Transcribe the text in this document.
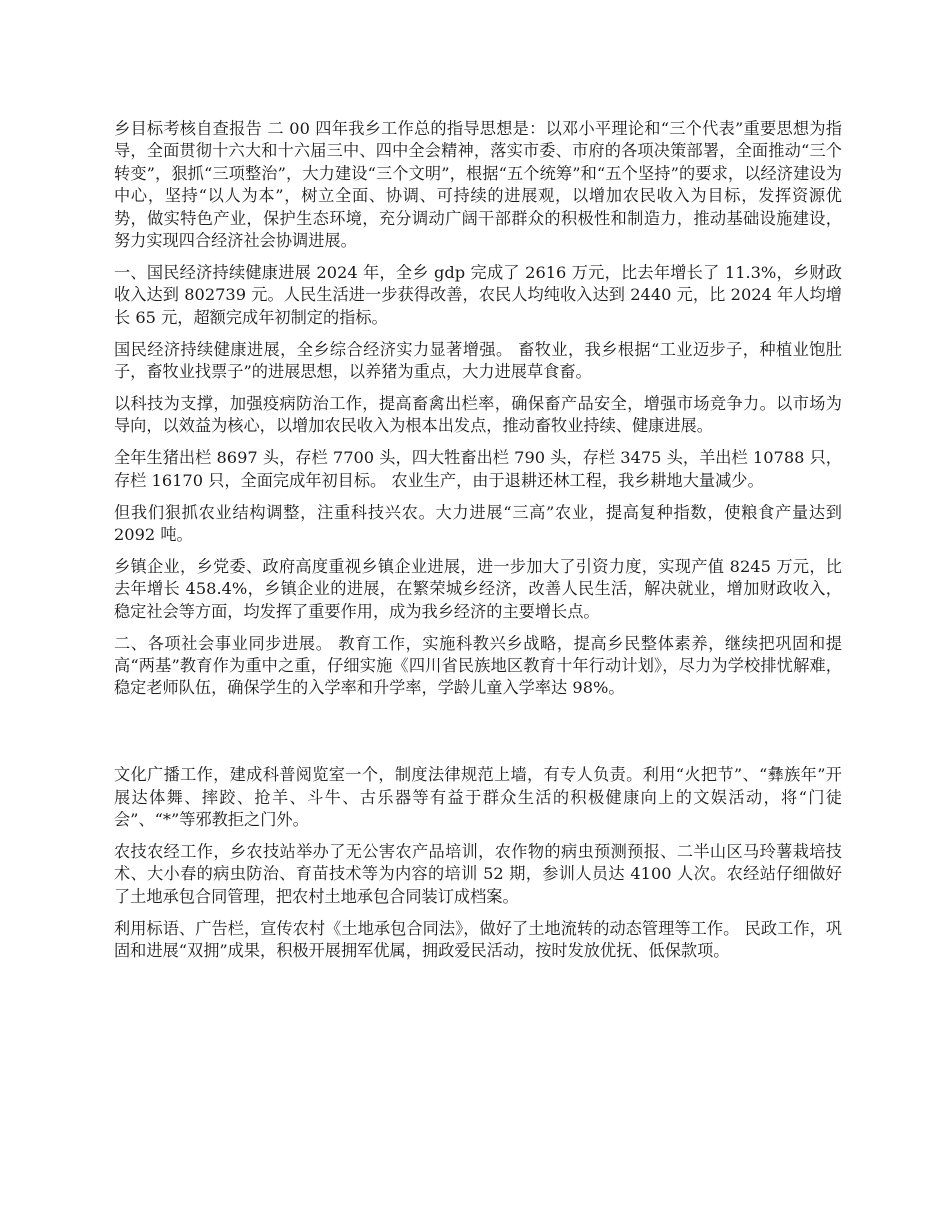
乡目标考核自查报告 二 00 四年我乡工作总的指导思想是：以邓小平理论和“三个代表”重要思想为指导，全面贯彻十六大和十六届三中、四中全会精神，落实市委、市府的各项决策部署，全面推动“三个转变”，狠抓“三项整治”，大力建设“三个文明”，根据“五个统筹”和“五个坚持”的要求，以经济建设为中心，坚持“以人为本”，树立全面、协调、可持续的进展观，以增加农民收入为目标，发挥资源优势，做实特色产业，保护生态环境，充分调动广阔干部群众的积极性和制造力，推动基础设施建设，努力实现四合经济社会协调进展。

一、国民经济持续健康进展 2024 年，全乡 gdp 完成了 2616 万元，比去年增长了 11.3%，乡财政收入达到 802739 元。人民生活进一步获得改善，农民人均纯收入达到 2440 元，比 2024 年人均增长 65 元，超额完成年初制定的指标。

国民经济持续健康进展，全乡综合经济实力显著增强。 畜牧业，我乡根据“工业迈步子，种植业饱肚子，畜牧业找票子”的进展思想，以养猪为重点，大力进展草食畜。

以科技为支撑，加强疫病防治工作，提高畜禽出栏率，确保畜产品安全，增强市场竞争力。以市场为导向，以效益为核心，以增加农民收入为根本出发点，推动畜牧业持续、健康进展。

全年生猪出栏 8697 头，存栏 7700 头，四大牲畜出栏 790 头，存栏 3475 头，羊出栏 10788 只，存栏 16170 只，全面完成年初目标。 农业生产，由于退耕还林工程，我乡耕地大量减少。

但我们狠抓农业结构调整，注重科技兴农。大力进展“三高”农业，提高复种指数，使粮食产量达到 2092 吨。

乡镇企业，乡党委、政府高度重视乡镇企业进展，进一步加大了引资力度，实现产值 8245 万元，比去年增长 458.4%，乡镇企业的进展，在繁荣城乡经济，改善人民生活，解决就业，增加财政收入，稳定社会等方面，均发挥了重要作用，成为我乡经济的主要增长点。

二、各项社会事业同步进展。 教育工作，实施科教兴乡战略，提高乡民整体素养，继续把巩固和提高“两基”教育作为重中之重，仔细实施《四川省民族地区教育十年行动计划》，尽力为学校排忧解难，稳定老师队伍，确保学生的入学率和升学率，学龄儿童入学率达 98%。

文化广播工作，建成科普阅览室一个，制度法律规范上墙，有专人负责。利用“火把节”、“彝族年”开展达体舞、摔跤、抢羊、斗牛、古乐器等有益于群众生活的积极健康向上的文娱活动，将“门徒会”、“*”等邪教拒之门外。

农技农经工作，乡农技站举办了无公害农产品培训，农作物的病虫预测预报、二半山区马玲薯栽培技术、大小春的病虫防治、育苗技术等为内容的培训 52 期，参训人员达 4100 人次。农经站仔细做好了土地承包合同管理，把农村土地承包合同装订成档案。

利用标语、广告栏，宣传农村《土地承包合同法》，做好了土地流转的动态管理等工作。 民政工作，巩固和进展“双拥”成果，积极开展拥军优属，拥政爱民活动，按时发放优抚、低保款项。
